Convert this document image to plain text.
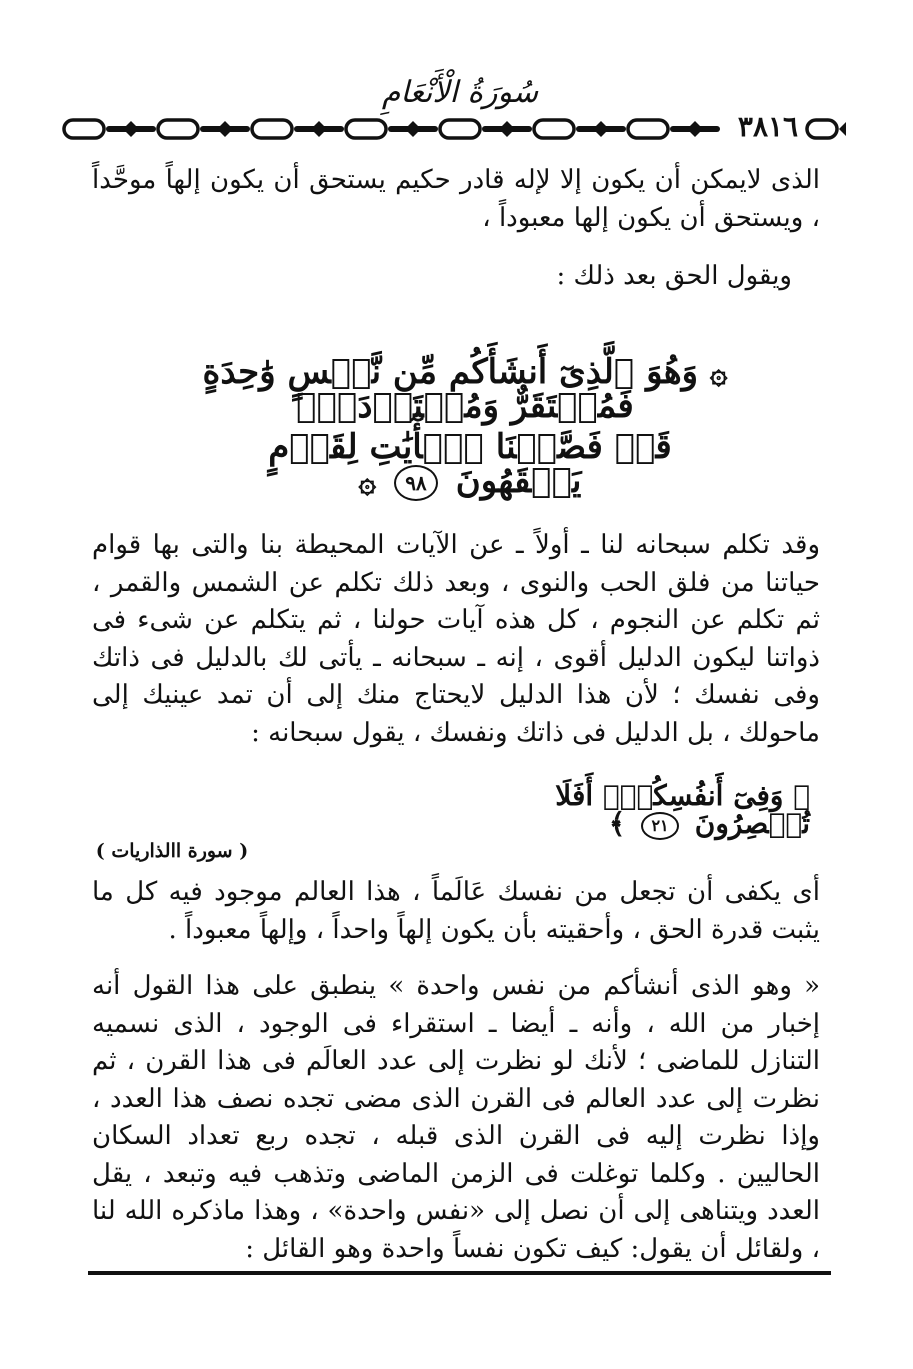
سُورَةُ الْأَنْعَامِ
٣٨١٦
الذى لايمكن أن يكون إلا لإله قادر حكيم يستحق أن يكون إلهاً موحَّداً ، ويستحق أن يكون إلها معبوداً ،
ويقول الحق بعد ذلك :
۞ وَهُوَ ٱلَّذِىٓ أَنشَأَكُم مِّن نَّفۡسٍ وَٰحِدَةٍ فَمُسۡتَقَرٌّ وَمُسۡتَوۡدَعٌۗ
قَدۡ فَصَّلۡنَا ٱلۡأٓيَٰتِ لِقَوۡمٍ يَفۡقَهُونَ ٩٨ ۞
وقد تكلم سبحانه لنا ـ أولاً ـ عن الآيات المحيطة بنا والتى بها قوام حياتنا من فلق الحب والنوى ، وبعد ذلك تكلم عن الشمس والقمر ، ثم تكلم عن النجوم ، كل هذه آيات حولنا ، ثم يتكلم عن شىء فى ذواتنا ليكون الدليل أقوى ، إنه ـ سبحانه ـ يأتى لك بالدليل فى ذاتك وفى نفسك ؛ لأن هذا الدليل لايحتاج منك إلى أن تمد عينيك إلى ماحولك ، بل الدليل فى ذاتك ونفسك ، يقول سبحانه :
﴿ وَفِىٓ أَنفُسِكُمۡۚ أَفَلَا تُبۡصِرُونَ ٢١ ﴾
( سورة االذاريات )
أى يكفى أن تجعل من نفسك عَالَماً ، هذا العالم موجود فيه كل ما يثبت قدرة الحق ، وأحقيته بأن يكون إلهاً واحداً ، وإلهاً معبوداً .
« وهو الذى أنشأكم من نفس واحدة » ينطبق على هذا القول أنه إخبار من الله ، وأنه ـ أيضا ـ استقراء فى الوجود ، الذى نسميه التنازل للماضى ؛ لأنك لو نظرت إلى عدد العالَم فى هذا القرن ، ثم نظرت إلى عدد العالم فى القرن الذى مضى تجده نصف هذا العدد ، وإذا نظرت إليه فى القرن الذى قبله ، تجده ربع تعداد السكان الحاليين . وكلما توغلت فى الزمن الماضى وتذهب فيه وتبعد ، يقل العدد ويتناهى إلى أن نصل إلى «نفس واحدة» ، وهذا ماذكره الله لنا ، ولقائل أن يقول: كيف تكون نفساً واحدة وهو القائل :
